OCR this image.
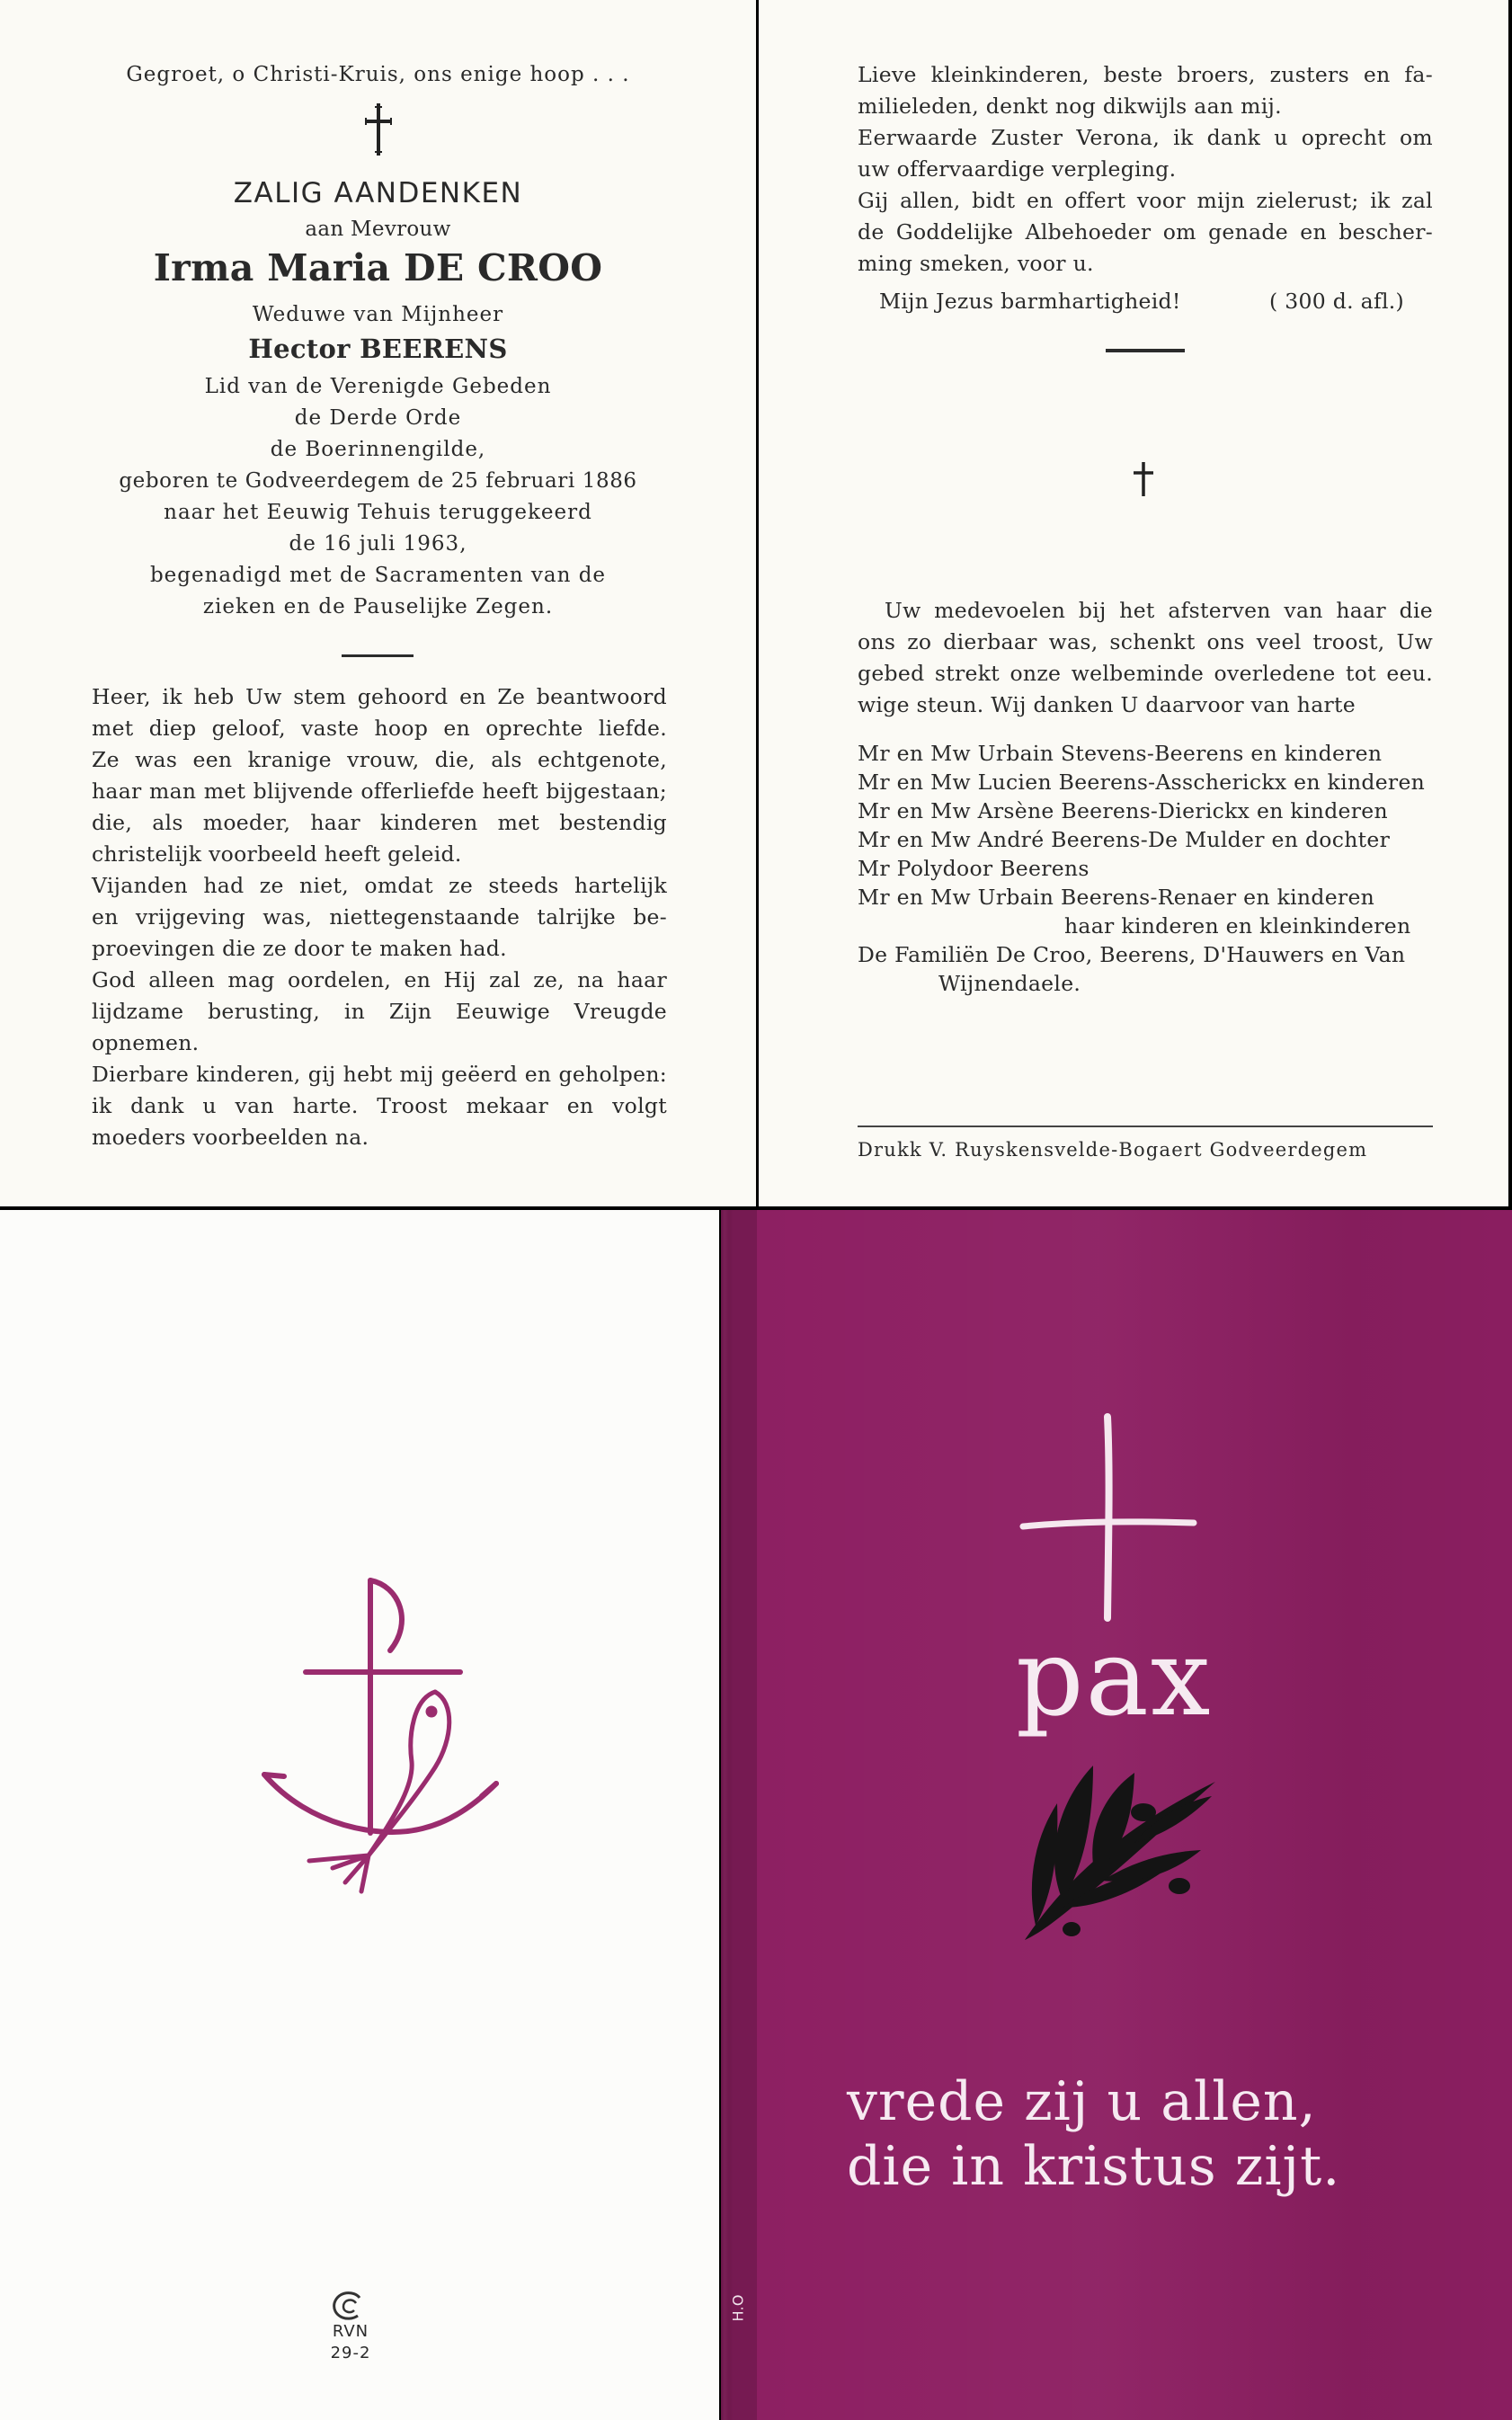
Gegroet, o Christi-Kruis, ons enige hoop . . .
ZALIG AANDENKEN
aan Mevrouw
Irma Maria DE CROO
Weduwe van Mijnheer
Hector BEERENS
Lid van de Verenigde Gebeden
de Derde Orde
de Boerinnengilde,
geboren te Godveerdegem de 25 februari 1886
naar het Eeuwig Tehuis teruggekeerd
de 16 juli 1963,
begenadigd met de Sacramenten van de
zieken en de Pauselijke Zegen.
Heer, ik heb Uw stem gehoord en Ze beantwoord
met diep geloof, vaste hoop en oprechte liefde.
Ze was een kranige vrouw, die, als echtgenote,
haar man met blijvende offerliefde heeft bijgestaan;
die, als moeder, haar kinderen met bestendig
christelijk voorbeeld heeft geleid.
Vijanden had ze niet, omdat ze steeds hartelijk
en vrijgeving was, niettegenstaande talrijke be-
proevingen die ze door te maken had.
God alleen mag oordelen, en Hij zal ze, na haar
lijdzame berusting, in Zijn Eeuwige Vreugde
opnemen.
Dierbare kinderen, gij hebt mij geëerd en geholpen:
ik dank u van harte. Troost mekaar en volgt
moeders voorbeelden na.
Lieve kleinkinderen, beste broers, zusters en fa-
milieleden, denkt nog dikwijls aan mij.
Eerwaarde Zuster Verona, ik dank u oprecht om
uw offervaardige verpleging.
Gij allen, bidt en offert voor mijn zielerust; ik zal
de Goddelijke Albehoeder om genade en bescher-
ming smeken, voor u.
Mijn Jezus barmhartigheid!	( 300 d. afl.)
Uw medevoelen bij het afsterven van haar die
ons zo dierbaar was, schenkt ons veel troost, Uw
gebed strekt onze welbeminde overledene tot eeu.
wige steun. Wij danken U daarvoor van harte
Mr en Mw Urbain Stevens-Beerens en kinderen
Mr en Mw Lucien Beerens-Asscherickx en kinderen
Mr en Mw Arsène Beerens-Dierickx en kinderen
Mr en Mw André Beerens-De Mulder en dochter
Mr Polydoor Beerens
Mr en Mw Urbain Beerens-Renaer en kinderen
haar kinderen en kleinkinderen
De Familiën De Croo, Beerens, D'Hauwers en Van
Wijnendaele.
Drukk V. Ruyskensvelde-Bogaert Godveerdegem
RVN
29-2
H.O
pax
vrede zij u allen,
die in kristus zijt.
